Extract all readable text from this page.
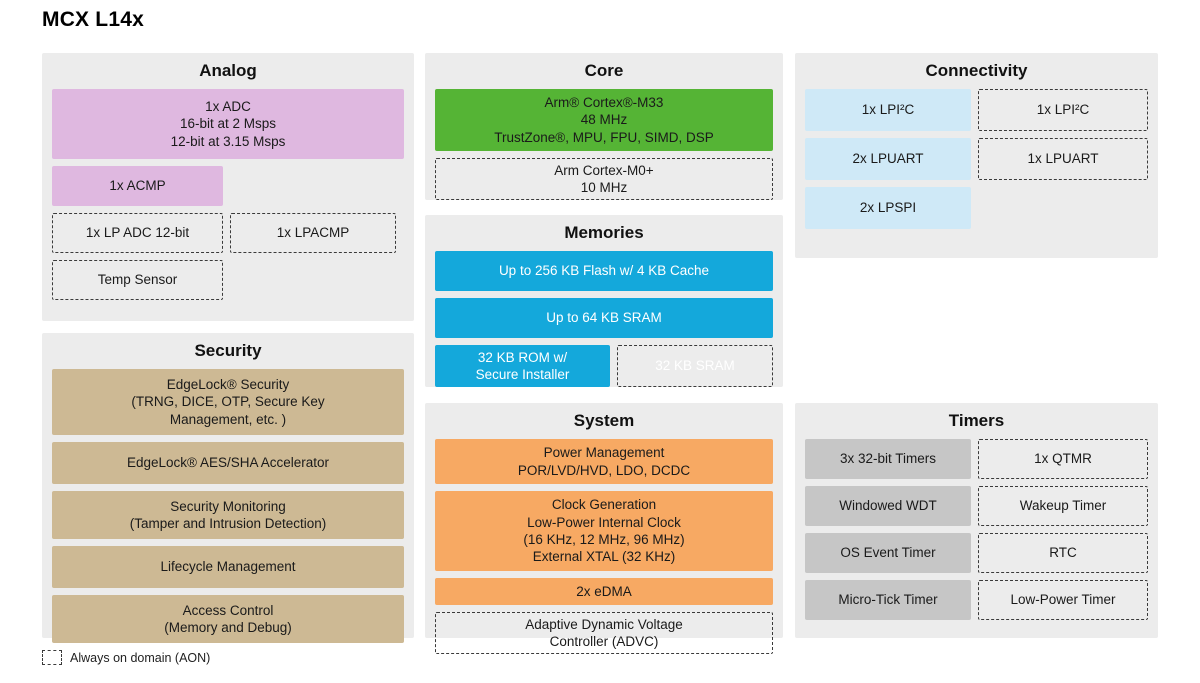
MCX L14x
Analog
1x ADC
16-bit at 2 Msps
12-bit at 3.15 Msps
1x ACMP
1x LP ADC 12-bit	1x LPACMP
Temp Sensor
Security
EdgeLock® Security
(TRNG, DICE, OTP, Secure Key
Management, etc. )
EdgeLock® AES/SHA Accelerator
Security Monitoring
(Tamper and Intrusion Detection)
Lifecycle Management
Access Control
(Memory and Debug)
Core
Arm® Cortex®-M33
48 MHz
TrustZone®, MPU, FPU, SIMD, DSP
Arm Cortex-M0+
10 MHz
Memories
Up to 256 KB Flash w/ 4 KB Cache
Up to 64 KB SRAM
32 KB ROM w/
Secure Installer
32 KB SRAM
System
Power Management
POR/LVD/HVD, LDO, DCDC
Clock Generation
Low-Power Internal Clock
(16 KHz, 12 MHz, 96 MHz)
External XTAL (32 KHz)
2x eDMA
Adaptive Dynamic Voltage
Controller (ADVC)
Connectivity
1x LPI²C	1x LPI²C
2x LPUART	1x LPUART
2x LPSPI
Timers
3x 32-bit Timers	1x QTMR
Windowed WDT	Wakeup Timer
OS Event Timer	RTC
Micro-Tick Timer	Low-Power Timer
Always on domain (AON)
